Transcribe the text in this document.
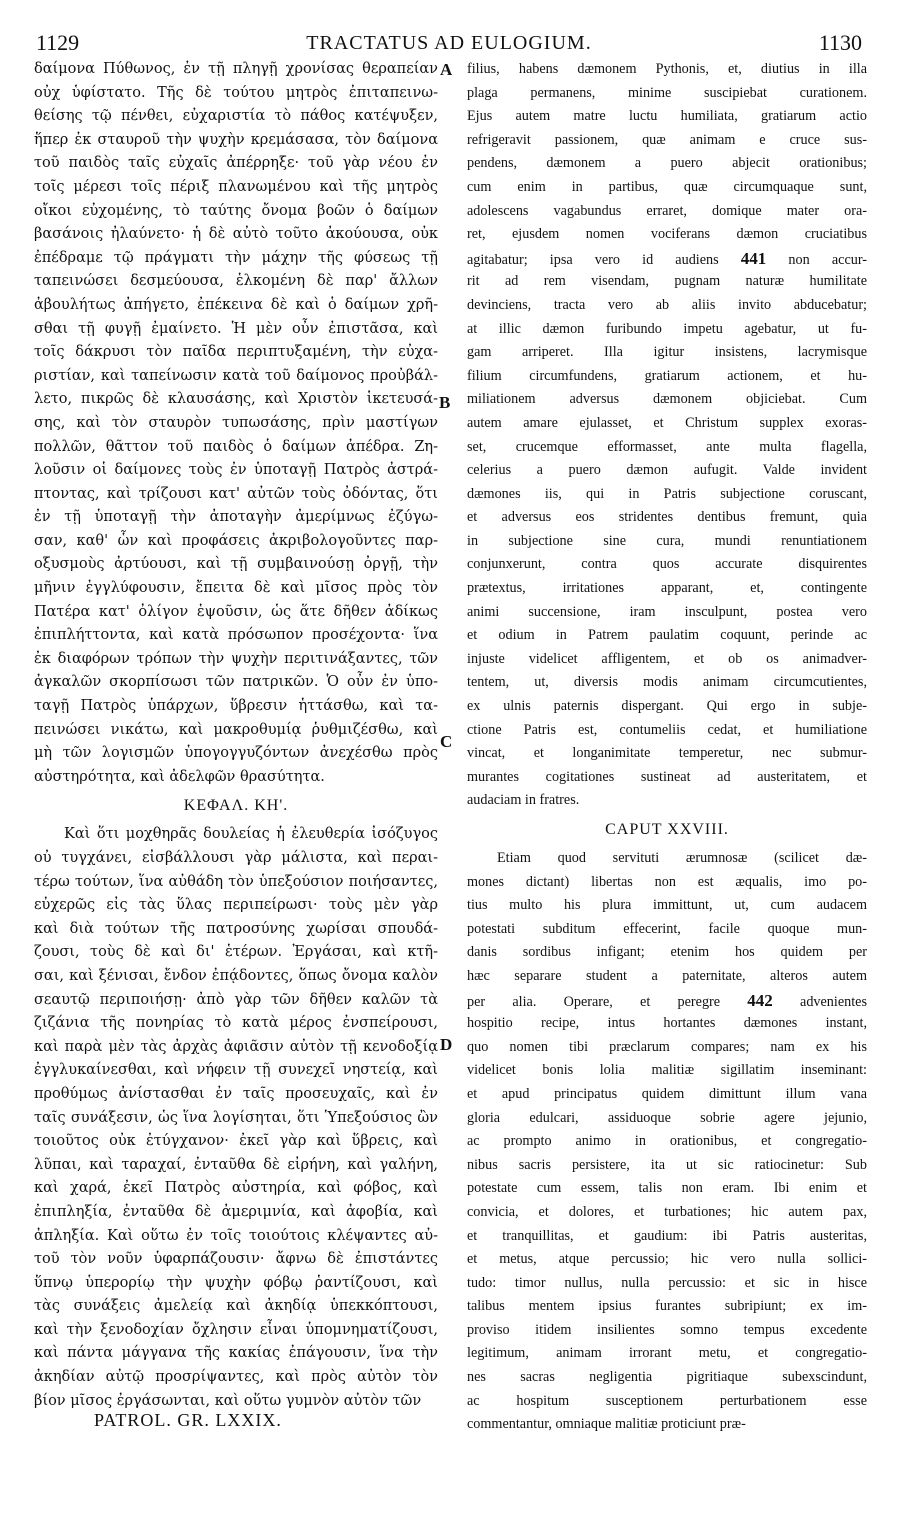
1129	TRACTATUS AD EULOGIUM.	1130
A
B
C
D
δαίμονα Πύθωνος, ἐν τῇ πληγῇ χρονίσας θεραπείαν
οὐχ ὑφίστατο. Τῆς δὲ τούτου μητρὸς ἐπιταπεινω-
θείσης τῷ πένθει, εὐχαριστία τὸ πάθος κατέψυξεν,
ἥπερ ἐκ σταυροῦ τὴν ψυχὴν κρεμάσασα, τὸν δαίμονα
τοῦ παιδὸς ταῖς εὐχαῖς ἀπέρρηξε· τοῦ γὰρ νέου ἐν
τοῖς μέρεσι τοῖς πέριξ πλανωμένου καὶ τῆς μητρὸς
οἴκοι εὐχομένης, τὸ ταύτης ὄνομα βοῶν ὁ δαίμων
βασάνοις ἠλαύνετο· ἡ δὲ αὐτὸ τοῦτο ἀκούουσα, οὐκ
ἐπέδραμε τῷ πράγματι τὴν μάχην τῆς φύσεως τῇ
ταπεινώσει δεσμεύουσα, ἑλκομένη δὲ παρ' ἄλλων
ἀβουλήτως ἀπήγετο, ἐπέκεινα δὲ καὶ ὁ δαίμων χρῆ-
σθαι τῇ φυγῇ ἐμαίνετο. Ἡ μὲν οὖν ἐπιστᾶσα, καὶ
τοῖς δάκρυσι τὸν παῖδα περιπτυξαμένη, τὴν εὐχα-
ριστίαν, καὶ ταπείνωσιν κατὰ τοῦ δαίμονος προὐβάλ-
λετο, πικρῶς δὲ κλαυσάσης, καὶ Χριστὸν ἱκετευσά-
σης, καὶ τὸν σταυρὸν τυπωσάσης, πρὶν μαστίγων
πολλῶν, θᾶττον τοῦ παιδὸς ὁ δαίμων ἀπέδρα. Ζη-
λοῦσιν οἱ δαίμονες τοὺς ἐν ὑποταγῇ Πατρὸς ἀστρά-
πτοντας, καὶ τρίζουσι κατ' αὐτῶν τοὺς ὀδόντας, ὅτι
ἐν τῇ ὑποταγῇ τὴν ἀποταγὴν ἀμερίμνως ἐζύγω-
σαν, καθ' ὧν καὶ προφάσεις ἀκριβολογοῦντες παρ-
οξυσμοὺς ἀρτύουσι, καὶ τῇ συμβαινούσῃ ὀργῇ, τὴν
μῆνιν ἐγγλύφουσιν, ἔπειτα δὲ καὶ μῖσος πρὸς τὸν
Πατέρα κατ' ὀλίγον ἑψοῦσιν, ὡς ἅτε δῆθεν ἀδίκως
ἐπιπλήττοντα, καὶ κατὰ πρόσωπον προσέχοντα· ἵνα
ἐκ διαφόρων τρόπων τὴν ψυχὴν περιτινάξαντες, τῶν
ἀγκαλῶν σκορπίσωσι τῶν πατρικῶν. Ὁ οὖν ἐν ὑπο-
ταγῇ Πατρὸς ὑπάρχων, ὕβρεσιν ἡττάσθω, καὶ τα-
πεινώσει νικάτω, καὶ μακροθυμίᾳ ῥυθμιζέσθω, καὶ
μὴ τῶν λογισμῶν ὑπογογγυζόντων ἀνεχέσθω πρὸς
αὐστηρότητα, καὶ ἀδελφῶν θρασύτητα.
ΚΕΦΑΛ. ΚΗ'.
Καὶ ὅτι μοχθηρᾶς δουλείας ἡ ἐλευθερία ἰσόζυγος
οὐ τυγχάνει, εἰσβάλλουσι γὰρ μάλιστα, καὶ περαι-
τέρω τούτων, ἵνα αὐθάδη τὸν ὑπεξούσιον ποιήσαντες,
εὐχερῶς εἰς τὰς ὕλας περιπείρωσι· τοὺς μὲν γὰρ
καὶ διὰ τούτων τῆς πατροσύνης χωρίσαι σπουδά-
ζουσι, τοὺς δὲ καὶ δι' ἑτέρων. Ἐργάσαι, καὶ κτῆ-
σαι, καὶ ξένισαι, ἔνδον ἐπᾴδοντες, ὅπως ὄνομα καλὸν
σεαυτῷ περιποιήσῃ· ἀπὸ γὰρ τῶν δῆθεν καλῶν τὰ
ζιζάνια τῆς πονηρίας τὸ κατὰ μέρος ἐνσπείρουσι,
καὶ παρὰ μὲν τὰς ἀρχὰς ἀφιᾶσιν αὐτὸν τῇ κενοδοξίᾳ
ἐγγλυκαίνεσθαι, καὶ νήφειν τῇ συνεχεῖ νηστείᾳ, καὶ
προθύμως ἀνίστασθαι ἐν ταῖς προσευχαῖς, καὶ ἐν
ταῖς συνάξεσιν, ὡς ἵνα λογίσηται, ὅτι Ὑπεξούσιος ὢν
τοιοῦτος οὐκ ἐτύγχανον· ἐκεῖ γὰρ καὶ ὕβρεις, καὶ
λῦπαι, καὶ ταραχαί, ἐνταῦθα δὲ εἰρήνη, καὶ γαλήνη,
καὶ χαρά, ἐκεῖ Πατρὸς αὐστηρία, καὶ φόβος, καὶ
ἐπιπληξία, ἐνταῦθα δὲ ἀμεριμνία, καὶ ἀφοβία, καὶ
ἀπληξία. Καὶ οὕτω ἐν τοῖς τοιούτοις κλέψαντες αὐ-
τοῦ τὸν νοῦν ὑφαρπάζουσιν· ἄφνω δὲ ἐπιστάντες
ὕπνῳ ὑπερορίῳ τὴν ψυχὴν φόβῳ ῥαντίζουσι, καὶ
τὰς συνάξεις ἀμελείᾳ καὶ ἀκηδίᾳ ὑπεκκόπτουσι,
καὶ τὴν ξενοδοχίαν ὄχλησιν εἶναι ὑπομνηματίζουσι,
καὶ πάντα μάγγανα τῆς κακίας ἐπάγουσιν, ἵνα τὴν
ἀκηδίαν αὐτῷ προσρίψαντες, καὶ πρὸς αὐτὸν τὸν
βίον μῖσος ἐργάσωνται, καὶ οὕτω γυμνὸν αὐτὸν τῶν
filius, habens dæmonem Pythonis, et, diutius in illa
plaga permanens, minime suscipiebat curationem.
Ejus autem matre luctu humiliata, gratiarum actio
refrigeravit passionem, quæ animam e cruce sus-
pendens, dæmonem a puero abjecit orationibus;
cum enim in partibus, quæ circumquaque sunt,
adolescens vagabundus erraret, domique mater ora-
ret, ejusdem nomen vociferans dæmon cruciatibus
agitabatur; ipsa vero id audiens 441 non accur-
rit ad rem visendam, pugnam naturæ humilitate
devinciens, tracta vero ab aliis invito abducebatur;
at illic dæmon furibundo impetu agebatur, ut fu-
gam arriperet. Illa igitur insistens, lacrymisque
filium circumfundens, gratiarum actionem, et hu-
miliationem adversus dæmonem objiciebat. Cum
autem amare ejulasset, et Christum supplex exoras-
set, crucemque efformasset, ante multa flagella,
celerius a puero dæmon aufugit. Valde invident
dæmones iis, qui in Patris subjectione coruscant,
et adversus eos stridentes dentibus fremunt, quia
in subjectione sine cura, mundi renuntiationem
conjunxerunt, contra quos accurate disquirentes
prætextus, irritationes apparant, et, contingente
animi succensione, iram insculpunt, postea vero
et odium in Patrem paulatim coquunt, perinde ac
injuste videlicet affligentem, et ob os animadver-
tentem, ut, diversis modis animam circumcutientes,
ex ulnis paternis dispergant. Qui ergo in subje-
ctione Patris est, contumeliis cedat, et humiliatione
vincat, et longanimitate temperetur, nec submur-
murantes cogitationes sustineat ad austeritatem, et
audaciam in fratres.
CAPUT XXVIII.
Etiam quod servituti ærumnosæ (scilicet dæ-
mones dictant) libertas non est æqualis, imo po-
tius multo his plura immittunt, ut, cum audacem
potestati subditum effecerint, facile quoque mun-
danis sordibus infigant; etenim hos quidem per
hæc separare student a paternitate, alteros autem
per alia. Operare, et peregre 442 advenientes
hospitio recipe, intus hortantes dæmones instant,
quo nomen tibi præclarum compares; nam ex his
videlicet bonis lolia malitiæ sigillatim inseminant:
et apud principatus quidem dimittunt illum vana
gloria edulcari, assiduoque sobrie agere jejunio,
ac prompto animo in orationibus, et congregatio-
nibus sacris persistere, ita ut sic ratiocinetur: Sub
potestate cum essem, talis non eram. Ibi enim et
convicia, et dolores, et turbationes; hic autem pax,
et tranquillitas, et gaudium: ibi Patris austeritas,
et metus, atque percussio; hic vero nulla sollici-
tudo: timor nullus, nulla percussio: et sic in hisce
talibus mentem ipsius furantes subripiunt; ex im-
proviso itidem insilientes somno tempus excedente
legitimum, animam irrorant metu, et congregatio-
nes sacras negligentia pigritiaque subexscindunt,
ac hospitum susceptionem perturbationem esse
commentantur, omniaque malitiæ proticiunt præ-
PATROL. GR. LXXIX.
